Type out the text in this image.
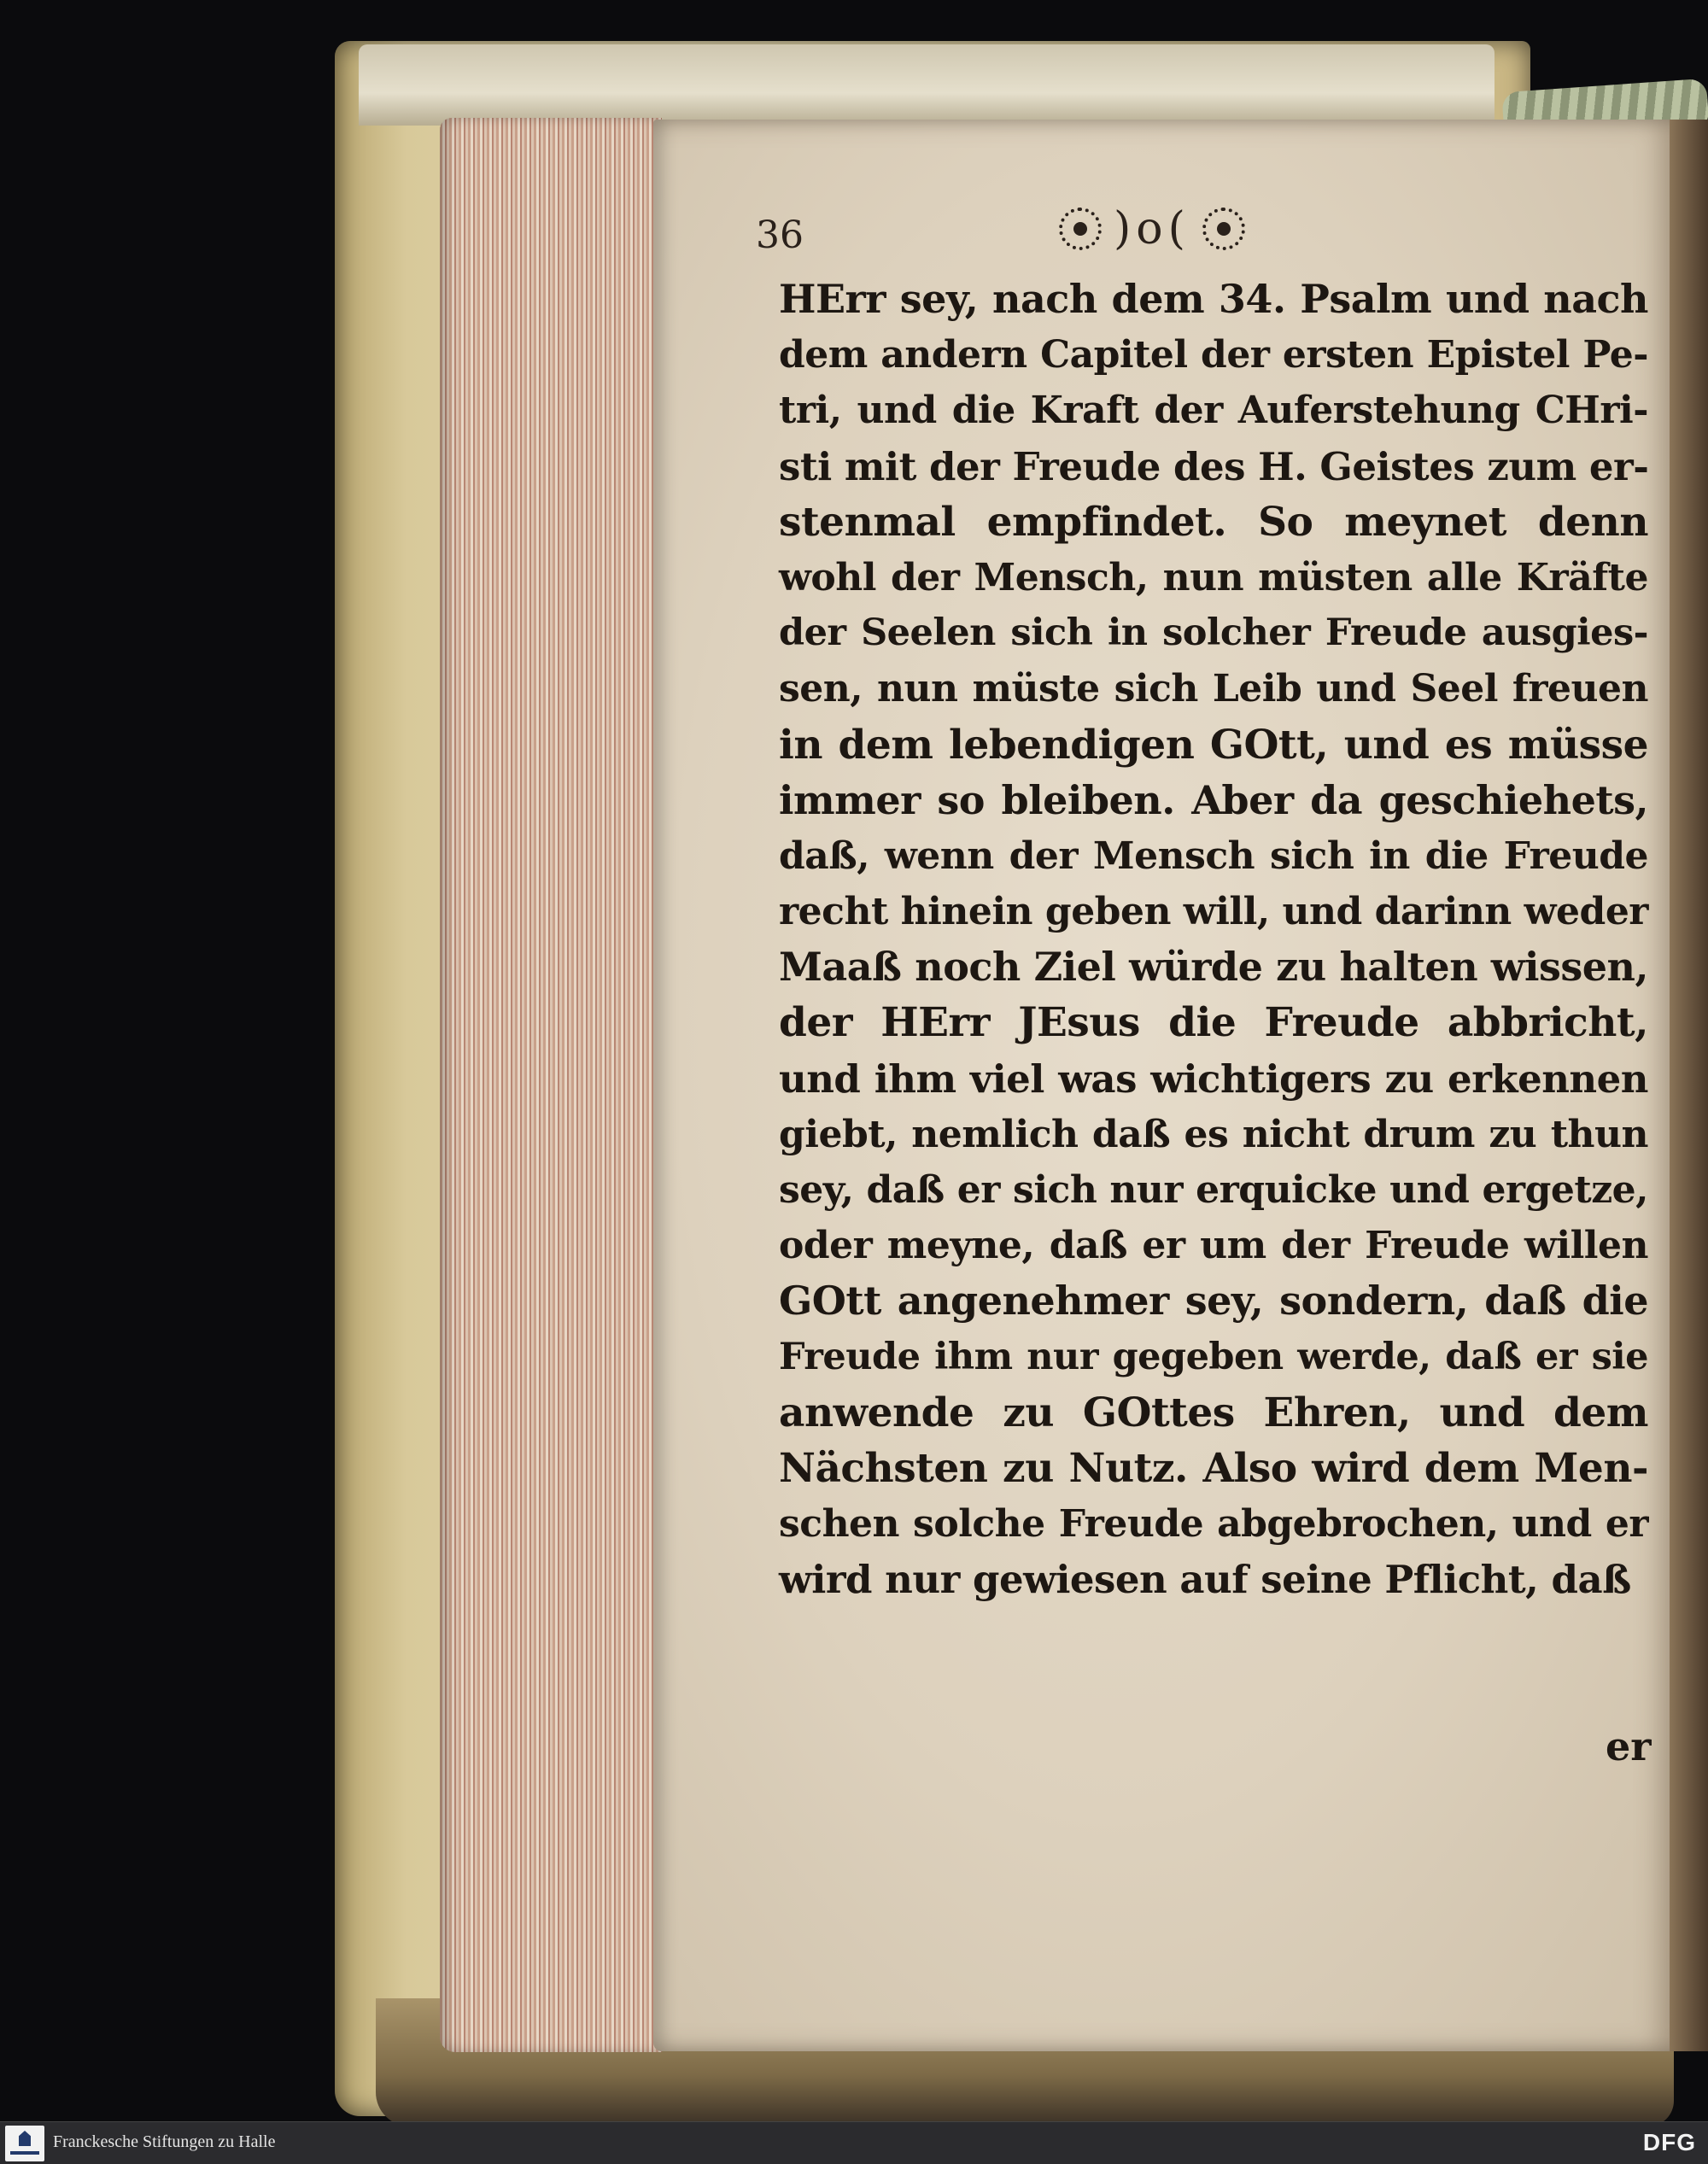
36	)o(
HErr sey, nach dem 34. Psalm und nach
dem andern Capitel der ersten Epistel Pe-
tri, und die Kraft der Auferstehung CHri-
sti mit der Freude des H. Geistes zum er-
stenmal empfindet. So meynet denn
wohl der Mensch, nun müsten alle Kräfte
der Seelen sich in solcher Freude ausgies-
sen, nun müste sich Leib und Seel freuen
in dem lebendigen GOtt, und es müsse
immer so bleiben. Aber da geschiehets,
daß, wenn der Mensch sich in die Freude
recht hinein geben will, und darinn weder
Maaß noch Ziel würde zu halten wissen,
der HErr JEsus die Freude abbricht,
und ihm viel was wichtigers zu erkennen
giebt, nemlich daß es nicht drum zu thun
sey, daß er sich nur erquicke und ergetze,
oder meyne, daß er um der Freude willen
GOtt angenehmer sey, sondern, daß die
Freude ihm nur gegeben werde, daß er sie
anwende zu GOttes Ehren, und dem
Nächsten zu Nutz. Also wird dem Men-
schen solche Freude abgebrochen, und er
wird nur gewiesen auf seine Pflicht, daß
er
Franckesche Stiftungen zu Halle	DFG
